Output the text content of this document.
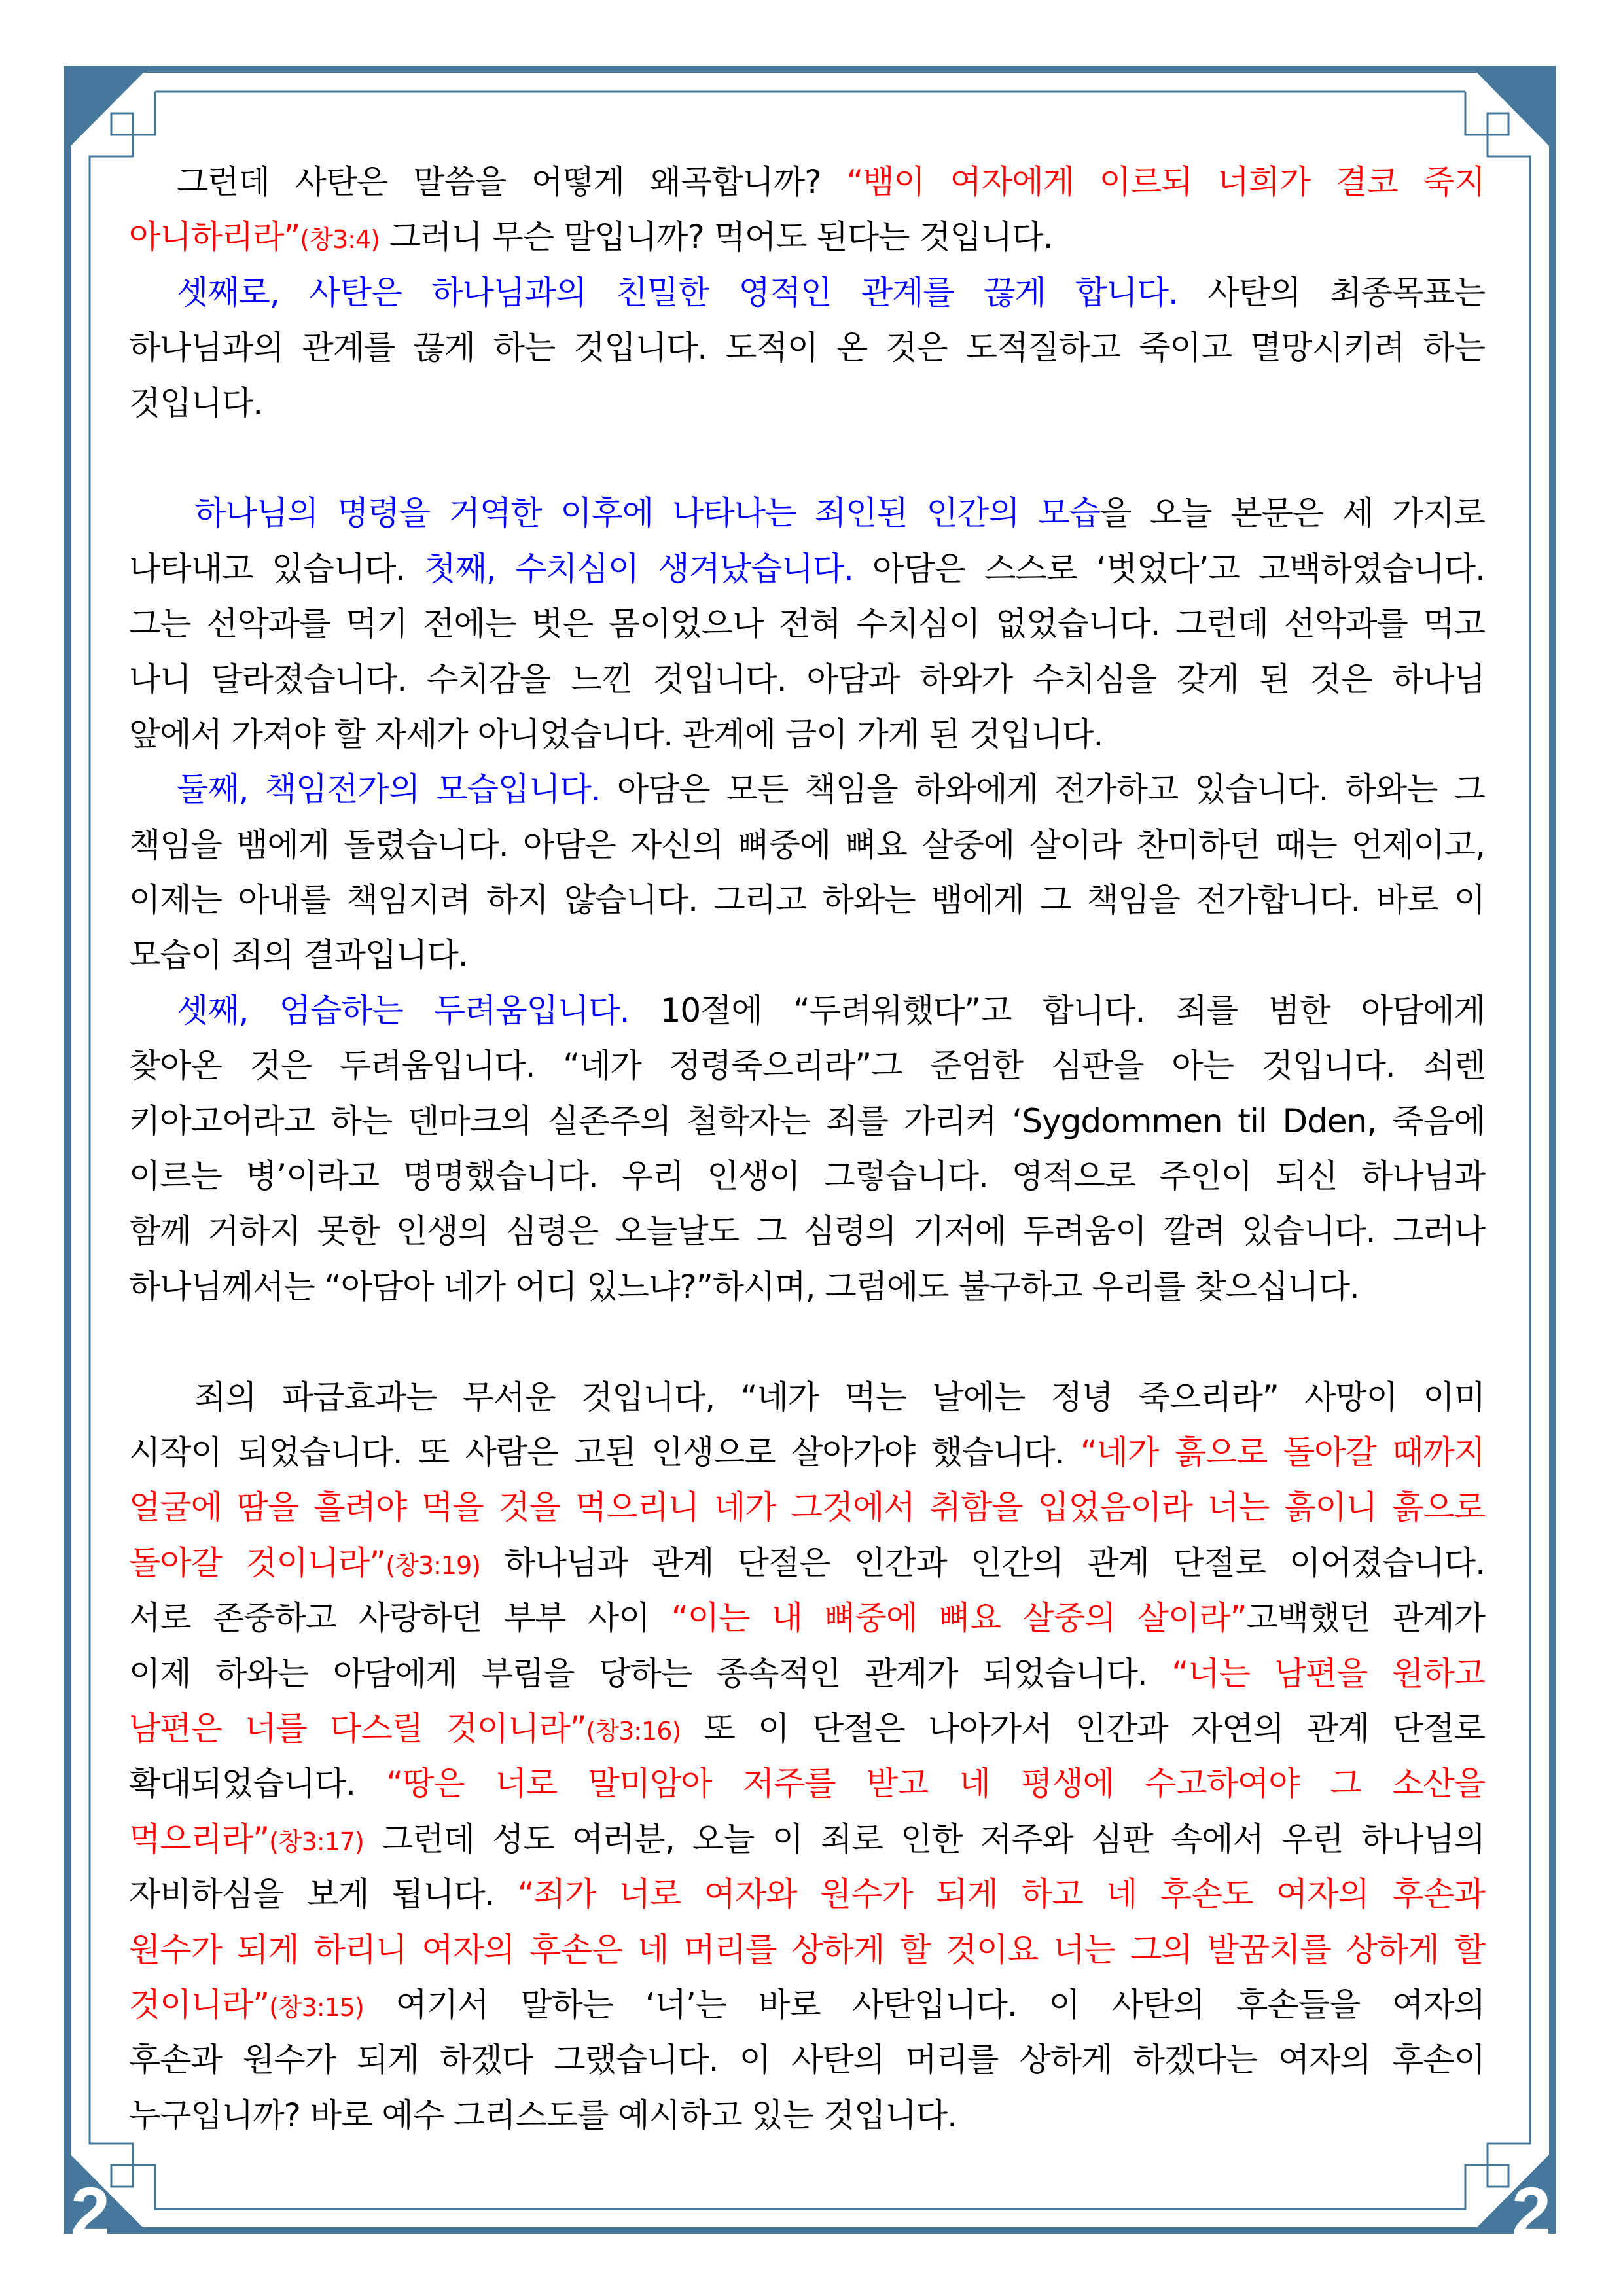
2	2
그런데 사탄은 말씀을 어떻게 왜곡합니까? “뱀이 여자에게 이르되 너희가 결코 죽지
아니하리라”(창3:4) 그러니 무슨 말입니까? 먹어도 된다는 것입니다.
셋째로, 사탄은 하나님과의 친밀한 영적인 관계를 끊게 합니다. 사탄의 최종목표는
하나님과의 관계를 끊게 하는 것입니다. 도적이 온 것은 도적질하고 죽이고 멸망시키려 하는
것입니다.
하나님의 명령을 거역한 이후에 나타나는 죄인된 인간의 모습을 오늘 본문은 세 가지로
나타내고 있습니다. 첫째, 수치심이 생겨났습니다. 아담은 스스로 ‘벗었다’고 고백하였습니다.
그는 선악과를 먹기 전에는 벗은 몸이었으나 전혀 수치심이 없었습니다. 그런데 선악과를 먹고
나니 달라졌습니다. 수치감을 느낀 것입니다. 아담과 하와가 수치심을 갖게 된 것은 하나님
앞에서 가져야 할 자세가 아니었습니다. 관계에 금이 가게 된 것입니다.
둘째, 책임전가의 모습입니다. 아담은 모든 책임을 하와에게 전가하고 있습니다. 하와는 그
책임을 뱀에게 돌렸습니다. 아담은 자신의 뼈중에 뼈요 살중에 살이라 찬미하던 때는 언제이고,
이제는 아내를 책임지려 하지 않습니다. 그리고 하와는 뱀에게 그 책임을 전가합니다. 바로 이
모습이 죄의 결과입니다.
셋째, 엄습하는 두려움입니다. 10절에 “두려워했다”고 합니다. 죄를 범한 아담에게
찾아온 것은 두려움입니다. “네가 정령죽으리라”그 준엄한 심판을 아는 것입니다. 쇠렌
키아고어라고 하는 덴마크의 실존주의 철학자는 죄를 가리켜 ‘Sygdommen til Dden, 죽음에
이르는 병’이라고 명명했습니다. 우리 인생이 그렇습니다. 영적으로 주인이 되신 하나님과
함께 거하지 못한 인생의 심령은 오늘날도 그 심령의 기저에 두려움이 깔려 있습니다. 그러나
하나님께서는 “아담아 네가 어디 있느냐?”하시며, 그럼에도 불구하고 우리를 찾으십니다.
죄의 파급효과는 무서운 것입니다, “네가 먹는 날에는 정녕 죽으리라” 사망이 이미
시작이 되었습니다. 또 사람은 고된 인생으로 살아가야 했습니다. “네가 흙으로 돌아갈 때까지
얼굴에 땀을 흘려야 먹을 것을 먹으리니 네가 그것에서 취함을 입었음이라 너는 흙이니 흙으로
돌아갈 것이니라”(창3:19) 하나님과 관계 단절은 인간과 인간의 관계 단절로 이어졌습니다.
서로 존중하고 사랑하던 부부 사이 “이는 내 뼈중에 뼈요 살중의 살이라”고백했던 관계가
이제 하와는 아담에게 부림을 당하는 종속적인 관계가 되었습니다. “너는 남편을 원하고
남편은 너를 다스릴 것이니라”(창3:16) 또 이 단절은 나아가서 인간과 자연의 관계 단절로
확대되었습니다. “땅은 너로 말미암아 저주를 받고 네 평생에 수고하여야 그 소산을
먹으리라”(창3:17) 그런데 성도 여러분, 오늘 이 죄로 인한 저주와 심판 속에서 우린 하나님의
자비하심을 보게 됩니다. “죄가 너로 여자와 원수가 되게 하고 네 후손도 여자의 후손과
원수가 되게 하리니 여자의 후손은 네 머리를 상하게 할 것이요 너는 그의 발꿈치를 상하게 할
것이니라”(창3:15) 여기서 말하는 ‘너’는 바로 사탄입니다. 이 사탄의 후손들을 여자의
후손과 원수가 되게 하겠다 그랬습니다. 이 사탄의 머리를 상하게 하겠다는 여자의 후손이
누구입니까? 바로 예수 그리스도를 예시하고 있는 것입니다.
